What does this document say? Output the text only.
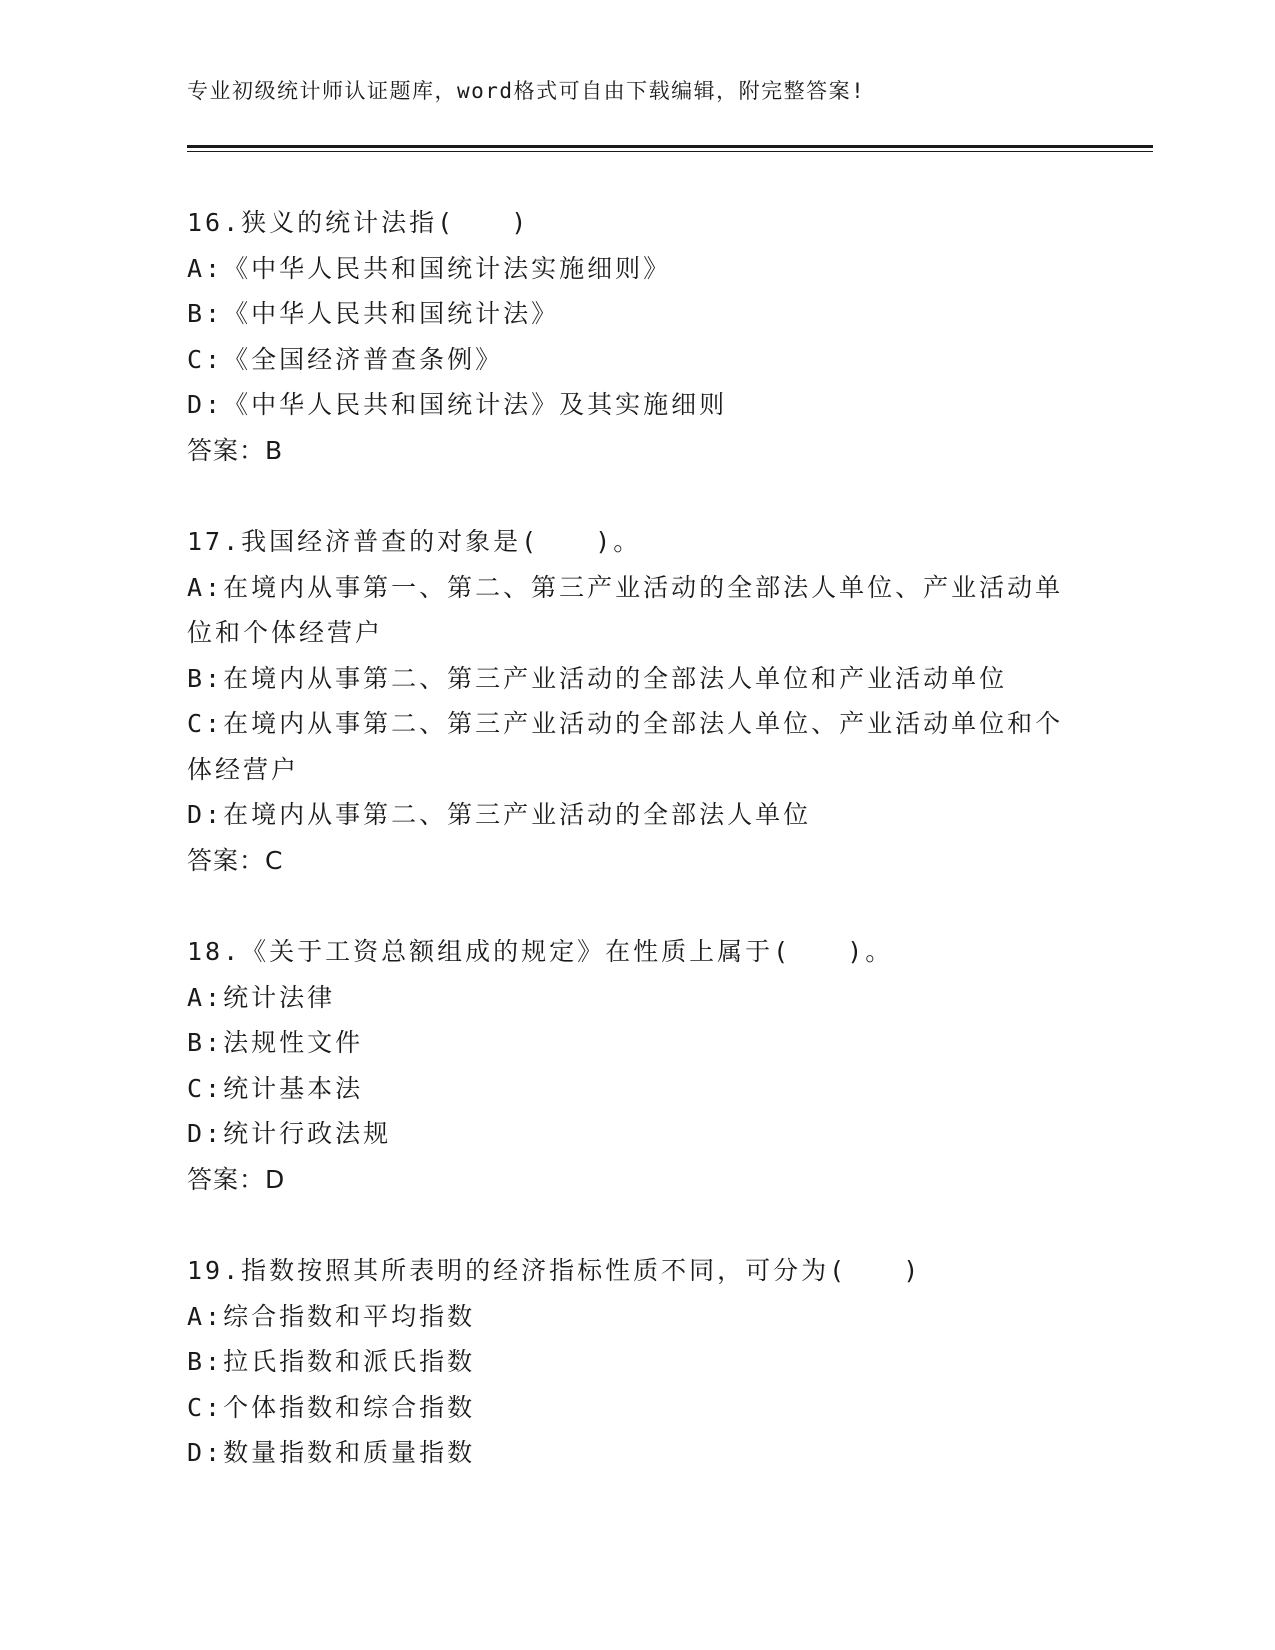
专业初级统计师认证题库，word格式可自由下载编辑，附完整答案!
16.狭义的统计法指(　　)
A:《中华人民共和国统计法实施细则》
B:《中华人民共和国统计法》
C:《全国经济普查条例》
D:《中华人民共和国统计法》及其实施细则
答案：B
17.我国经济普查的对象是(　　)。
A:在境内从事第一、第二、第三产业活动的全部法人单位、产业活动单位和个体经营户
B:在境内从事第二、第三产业活动的全部法人单位和产业活动单位
C:在境内从事第二、第三产业活动的全部法人单位、产业活动单位和个体经营户
D:在境内从事第二、第三产业活动的全部法人单位
答案：C
18.《关于工资总额组成的规定》在性质上属于(　　)。
A:统计法律
B:法规性文件
C:统计基本法
D:统计行政法规
答案：D
19.指数按照其所表明的经济指标性质不同，可分为(　　)
A:综合指数和平均指数
B:拉氏指数和派氏指数
C:个体指数和综合指数
D:数量指数和质量指数
